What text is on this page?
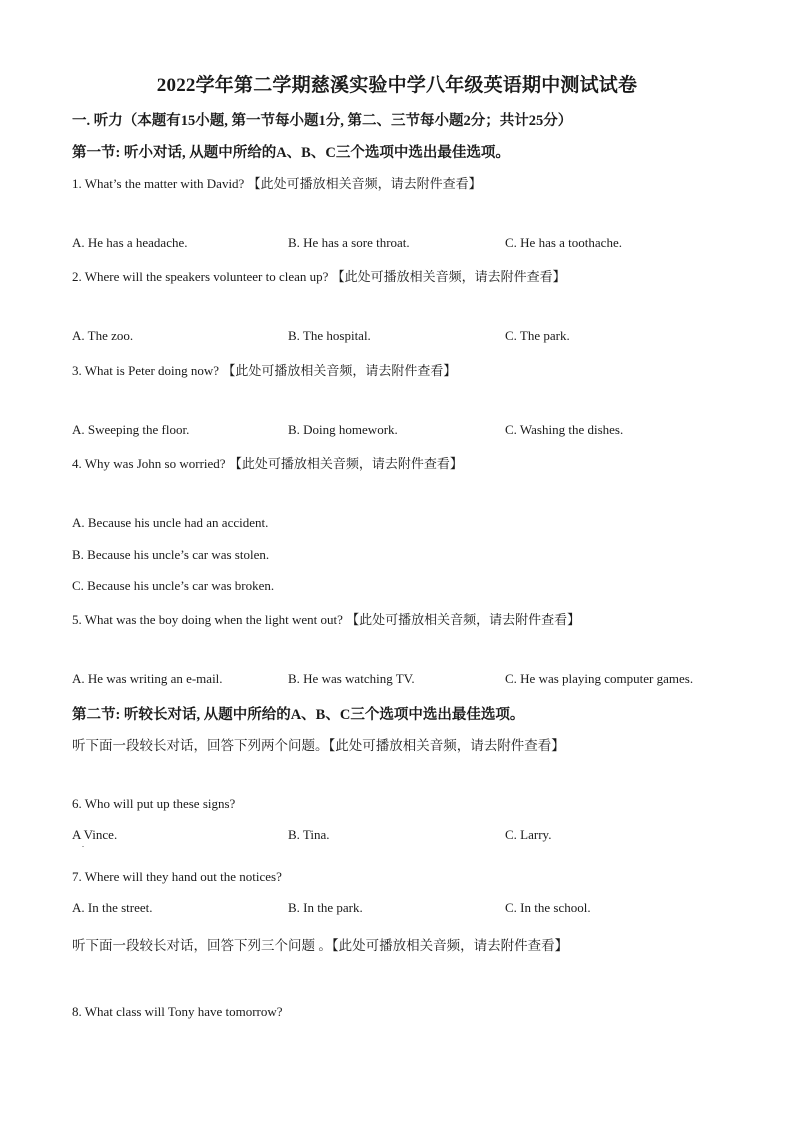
2022学年第二学期慈溪实验中学八年级英语期中测试试卷
一. 听力（本题有15小题, 第一节每小题1分, 第二、三节每小题2分；共计25分）
第一节: 听小对话, 从题中所给的A、B、C三个选项中选出最佳选项。
1. What’s the matter with David? 【此处可播放相关音频，请去附件查看】
A. He has a headache.	B. He has a sore throat.	C. He has a toothache.
2. Where will the speakers volunteer to clean up? 【此处可播放相关音频，请去附件查看】
A. The zoo.	B. The hospital.	C. The park.
3. What is Peter doing now? 【此处可播放相关音频，请去附件查看】
A. Sweeping the floor.	B. Doing homework.	C. Washing the dishes.
4. Why was John so worried? 【此处可播放相关音频，请去附件查看】
A. Because his uncle had an accident.
B. Because his uncle’s car was stolen.
C. Because his uncle’s car was broken.
5. What was the boy doing when the light went out? 【此处可播放相关音频，请去附件查看】
A. He was writing an e-mail.	B. He was watching TV.	C. He was playing computer games.
第二节: 听较长对话, 从题中所给的A、B、C三个选项中选出最佳选项。
听下面一段较长对话，回答下列两个问题。【此处可播放相关音频，请去附件查看】
6. Who will put up these signs?
A Vince.
.
B. Tina.	C. Larry.
7. Where will they hand out the notices?
A. In the street.	B. In the park.	C. In the school.
听下面一段较长对话，回答下列三个问题 。【此处可播放相关音频，请去附件查看】
8. What class will Tony have tomorrow?
